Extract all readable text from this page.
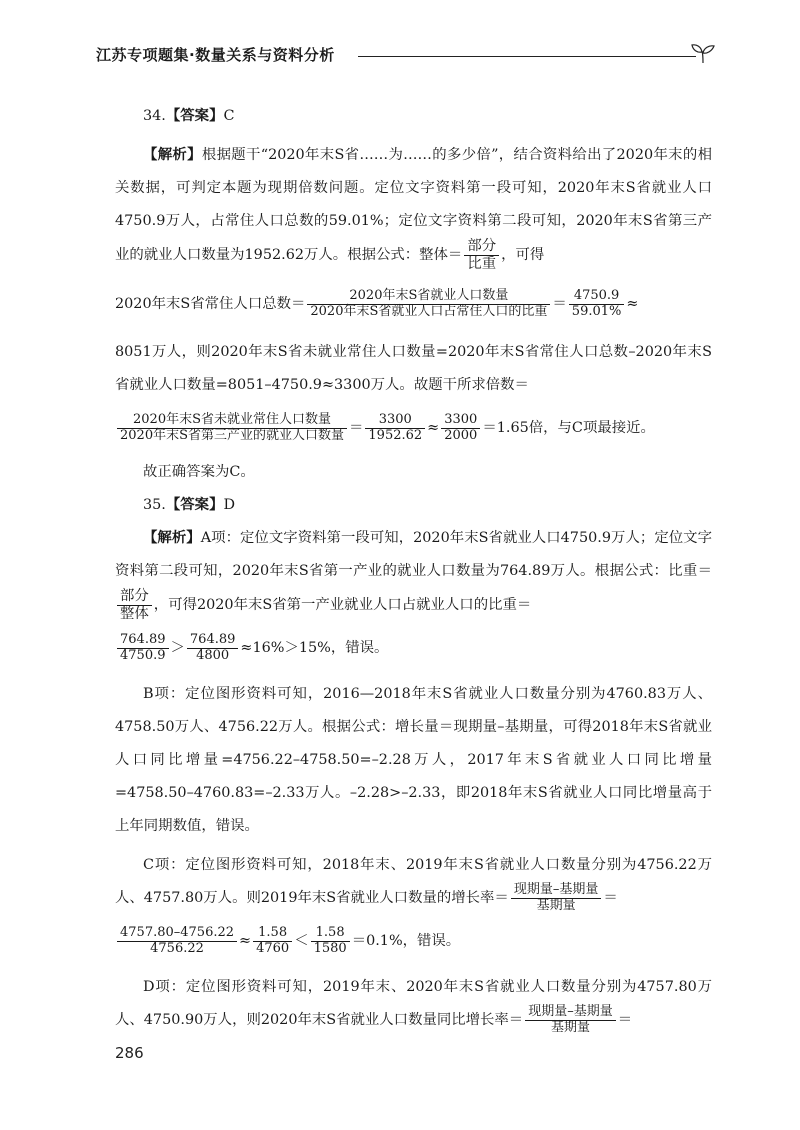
江苏专项题集·数量关系与资料分析

34.【答案】C

【解析】根据题干“2020年末S省……为……的多少倍”，结合资料给出了2020年末的相关数据，可判定本题为现期倍数问题。定位文字资料第一段可知，2020年末S省就业人口4750.9万人，占常住人口总数的59.01%；定位文字资料第二段可知，2020年末S省第三产业的就业人口数量为1952.62万人。根据公式：整体＝ $\frac{\text{部分}}{\text{比重}}$ ，可得

2020年末S省常住人口总数＝ $\frac{\text{2020年末S省就业人口数量}}{\text{2020年末S省就业人口占常住人口的比重}} = \frac{4750.9}{59.01\%}$ ≈

8051万人，则2020年末S省未就业常住人口数量=2020年末S省常住人口总数–2020年末S省就业人口数量=8051–4750.9≈3300万人。故题干所求倍数＝

$\frac{\text{2020年末S省未就业常住人口数量}}{\text{2020年末S省第三产业的就业人口数量}} = \frac{3300}{1952.62} \approx \frac{3300}{2000} =1.65$倍，与C项最接近。

故正确答案为C。

35.【答案】D

【解析】A项：定位文字资料第一段可知，2020年末S省就业人口4750.9万人；定位文字资料第二段可知，2020年末S省第一产业的就业人口数量为764.89万人。根据公式：比重＝
$\frac{\text{部分}}{\text{整体}}$ ，可得2020年末S省第一产业就业人口占就业人口的比重＝

$\frac{764.89}{4750.9} > \frac{764.89}{4800} \approx 16\%>15\%$，错误。

B项：定位图形资料可知，2016—2018年末S省就业人口数量分别为4760.83万人、4758.50万人、4756.22万人。根据公式：增长量＝现期量–基期量，可得2018年末S省就业人口同比增量=4756.22–4758.50=–2.28万人，2017年末S省就业人口同比增量=4758.50–4760.83=–2.33万人。–2.28>–2.33，即2018年末S省就业人口同比增量高于上年同期数值，错误。

C项：定位图形资料可知，2018年末、2019年末S省就业人口数量分别为4756.22万人、4757.80万人。则2019年末S省就业人口数量的增长率＝ $\frac{\text{现期量–基期量}}{\text{基期量}}$ ＝

$\frac{4757.80-4756.22}{4756.22} \approx \frac{1.58}{4760} < \frac{1.58}{1580} =0.1\%$，错误。

D项：定位图形资料可知，2019年末、2020年末S省就业人口数量分别为4757.80万人、4750.90万人，则2020年末S省就业人口数量同比增长率＝ $\frac{\text{现期量–基期量}}{\text{基期量}}$ ＝

286
